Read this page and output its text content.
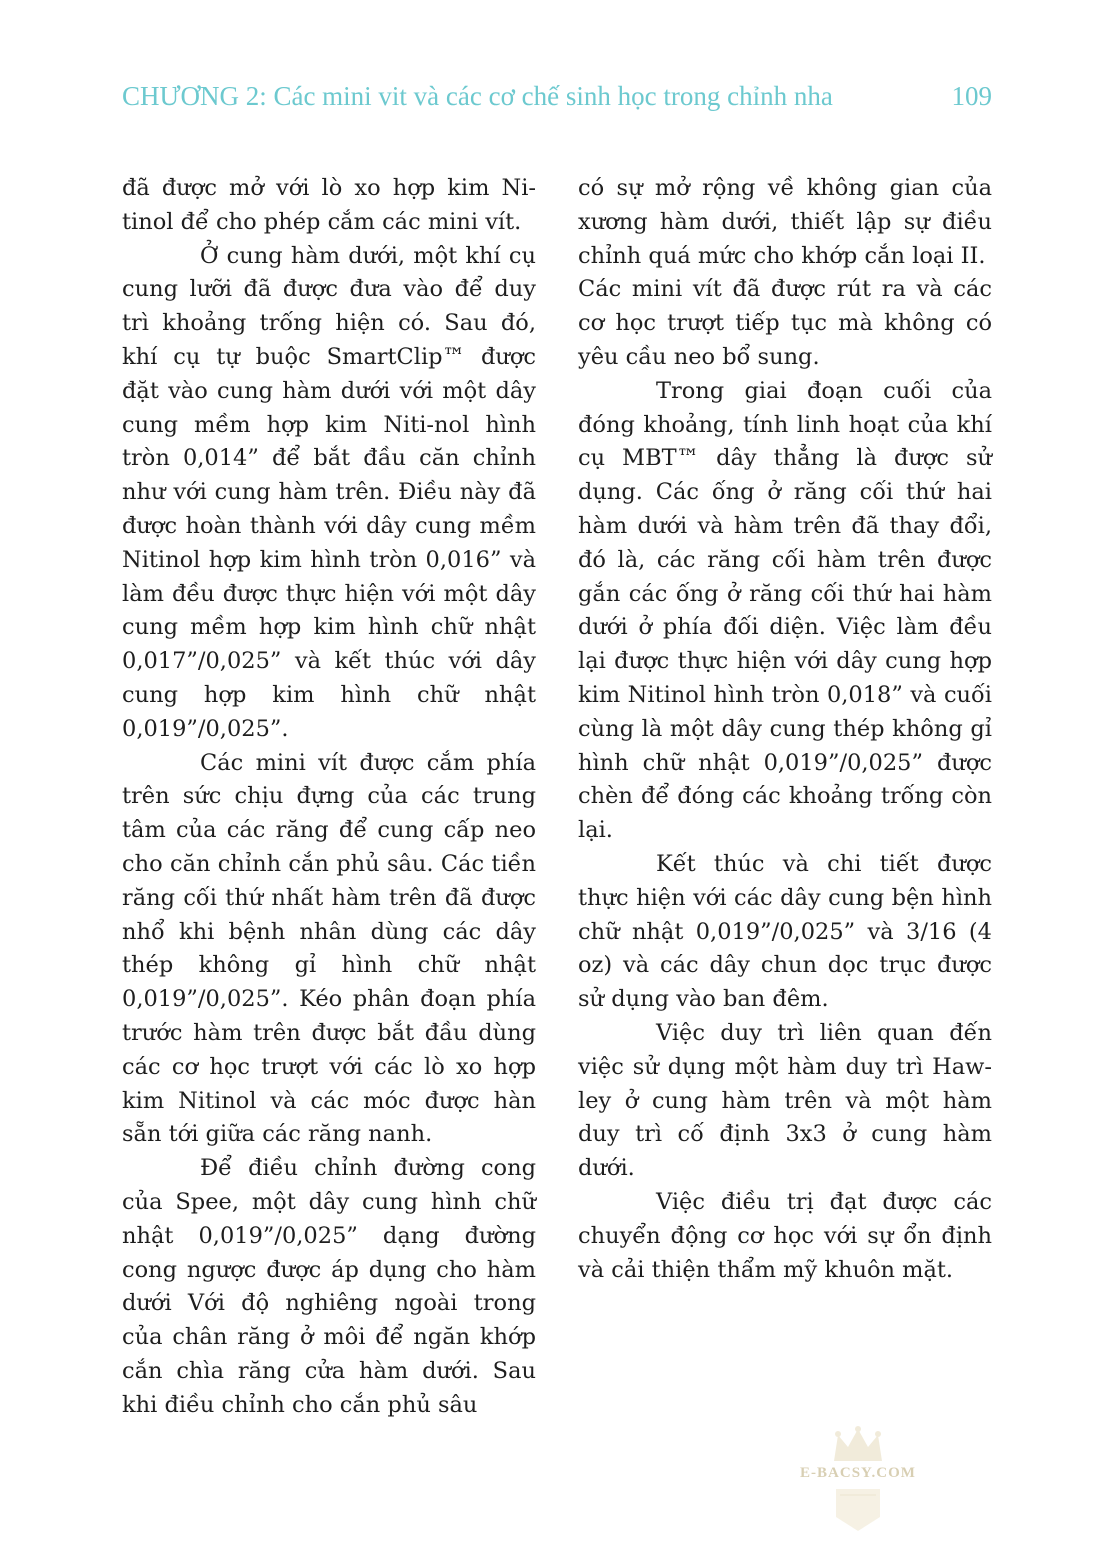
CHƯƠNG 2: Các mini vit và các cơ chế sinh học trong chỉnh nha	109

đã được mở với lò xo hợp kim Ni-tinol để cho phép cắm các mini vít.

Ở cung hàm dưới, một khí cụ cung lưỡi đã được đưa vào để duy trì khoảng trống hiện có. Sau đó, khí cụ tự buộc SmartClip™ được đặt vào cung hàm dưới với một dây cung mềm hợp kim Niti-nol hình tròn 0,014” để bắt đầu căn chỉnh như với cung hàm trên. Điều này đã được hoàn thành với dây cung mềm Nitinol hợp kim hình tròn 0,016” và làm đều được thực hiện với một dây cung mềm hợp kim hình chữ nhật 0,017”/0,025” và kết thúc với dây cung hợp kim hình chữ nhật 0,019”/0,025”.

Các mini vít được cắm phía trên sức chịu đựng của các trung tâm của các răng để cung cấp neo cho căn chỉnh cắn phủ sâu. Các tiền răng cối thứ nhất hàm trên đã được nhổ khi bệnh nhân dùng các dây thép không gỉ hình chữ nhật 0,019”/0,025”. Kéo phân đoạn phía trước hàm trên được bắt đầu dùng các cơ học trượt với các lò xo hợp kim Nitinol và các móc được hàn sẵn tới giữa các răng nanh.

Để điều chỉnh đường cong của Spee, một dây cung hình chữ nhật 0,019”/0,025” dạng đường cong ngược được áp dụng cho hàm dưới Với độ nghiêng ngoài trong của chân răng ở môi để ngăn khớp cắn chìa răng cửa hàm dưới. Sau khi điều chỉnh cho cắn phủ sâu

có sự mở rộng về không gian của xương hàm dưới, thiết lập sự điều chỉnh quá mức cho khớp cắn loại II.

Các mini vít đã được rút ra và các cơ học trượt tiếp tục mà không có yêu cầu neo bổ sung.

Trong giai đoạn cuối của đóng khoảng, tính linh hoạt của khí cụ MBT™ dây thẳng là được sử dụng. Các ống ở răng cối thứ hai hàm dưới và hàm trên đã thay đổi, đó là, các răng cối hàm trên được gắn các ống ở răng cối thứ hai hàm dưới ở phía đối diện. Việc làm đều lại được thực hiện với dây cung hợp kim Nitinol hình tròn 0,018” và cuối cùng là một dây cung thép không gỉ hình chữ nhật 0,019”/0,025” được chèn để đóng các khoảng trống còn lại.

Kết thúc và chi tiết được thực hiện với các dây cung bện hình chữ nhật 0,019”/0,025” và 3/16 (4 oz) và các dây chun dọc trục được sử dụng vào ban đêm.

Việc duy trì liên quan đến việc sử dụng một hàm duy trì Haw-ley ở cung hàm trên và một hàm duy trì cố định 3x3 ở cung hàm dưới.

Việc điều trị đạt được các chuyển động cơ học với sự ổn định và cải thiện thẩm mỹ khuôn mặt.

E-BACSY.COM
